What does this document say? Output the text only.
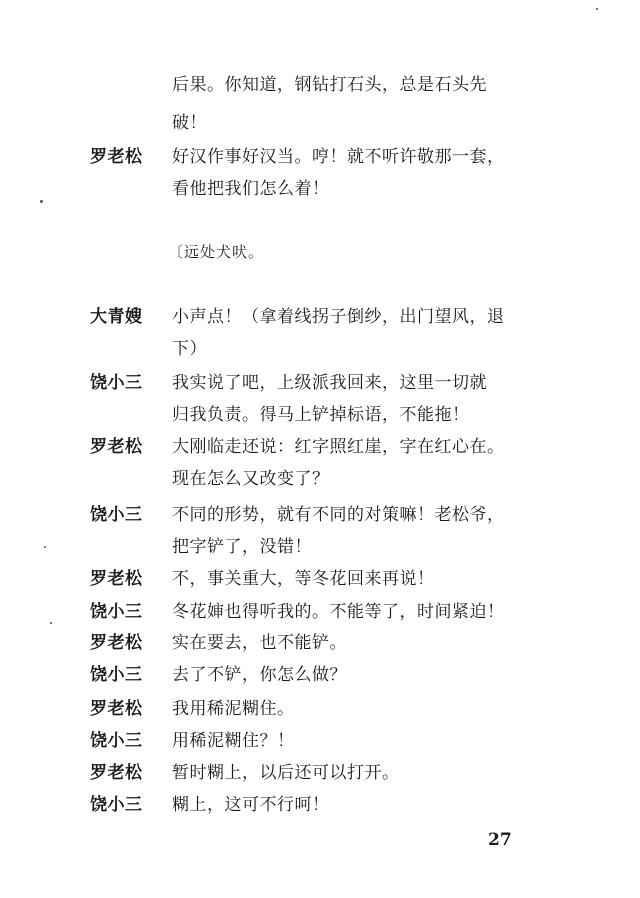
后果。你知道，钢钻打石头，总是石头先
破！
罗老松	好汉作事好汉当。哼！就不听许敬那一套，
看他把我们怎么着！
〔远处犬吠。
大青嫂	小声点！（拿着线拐子倒纱，出门望风，退
下）
饶小三	我实说了吧，上级派我回来，这里一切就
归我负责。得马上铲掉标语，不能拖！
罗老松	大刚临走还说：红字照红崖，字在红心在。
现在怎么又改变了？
饶小三	不同的形势，就有不同的对策嘛！老松爷，
把字铲了，没错！
罗老松	不，事关重大，等冬花回来再说！
饶小三	冬花婶也得听我的。不能等了，时间紧迫！
罗老松	实在要去，也不能铲。
饶小三	去了不铲，你怎么做？
罗老松	我用稀泥糊住。
饶小三	用稀泥糊住？！
罗老松	暂时糊上，以后还可以打开。
饶小三	糊上，这可不行呵！
27
